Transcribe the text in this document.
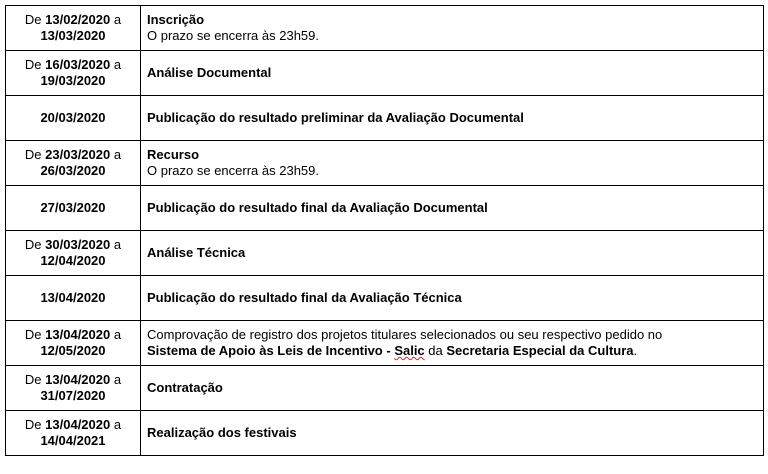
De 13/02/2020 a
13/03/2020	Inscrição
O prazo se encerra às 23h59.

De 16/03/2020 a
19/03/2020	Análise Documental

20/03/2020	Publicação do resultado preliminar da Avaliação Documental

De 23/03/2020 a
26/03/2020	Recurso
O prazo se encerra às 23h59.

27/03/2020	Publicação do resultado final da Avaliação Documental

De 30/03/2020 a
12/04/2020	Análise Técnica

13/04/2020	Publicação do resultado final da Avaliação Técnica

De 13/04/2020 a
12/05/2020	Comprovação de registro dos projetos titulares selecionados ou seu respectivo pedido no
Sistema de Apoio às Leis de Incentivo - Salic da Secretaria Especial da Cultura.

De 13/04/2020 a
31/07/2020	Contratação

De 13/04/2020 a
14/04/2021	Realização dos festivais
